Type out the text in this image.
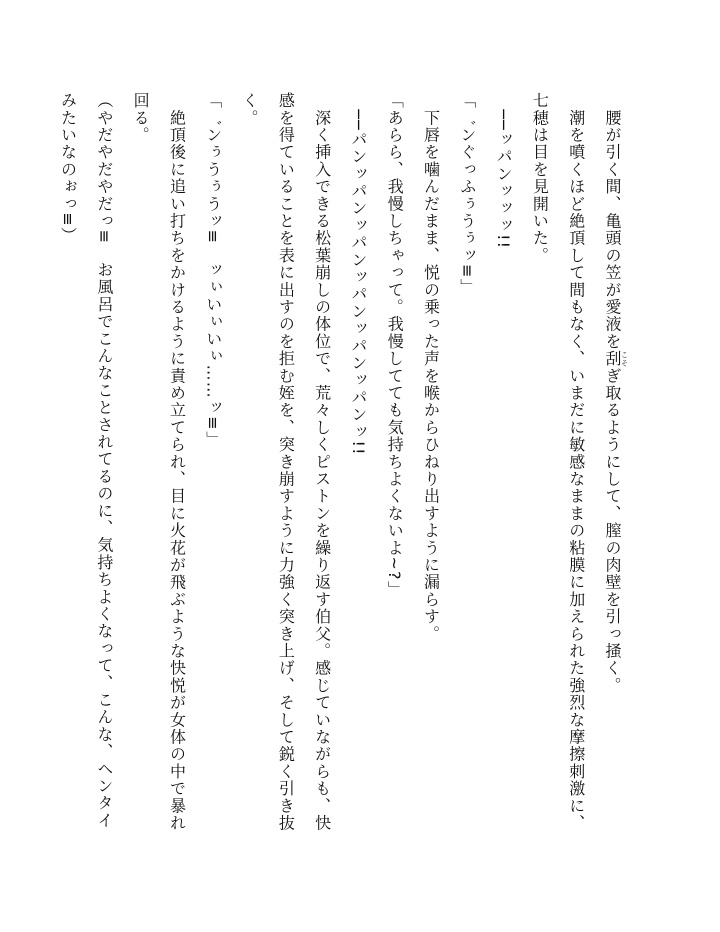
　腰が引く間、亀頭の笠が愛液を刮こそぎ取るようにして、膣の肉壁を引っ掻く。
　潮を噴くほど絶頂して間もなく、いまだに敏感なままの粘膜に加えられた強烈な摩擦刺激に、
七穂は目を見開いた。
　──ッパンッッッ!!
「゛ンぐっふぅうぅッ≡」
　下唇を噛んだまま、悦の乗った声を喉からひねり出すように漏らす。
「あらら、我慢しちゃって。我慢してても気持ちよくないよ~?」
　──パンッパンッパンッパンッパンッパンッ!!
　深く挿入できる松葉崩しの体位で、荒々しくピストンを繰り返す伯父。感じていながらも、快
感を得ていることを表に出すのを拒む姪を、突き崩すように力強く突き上げ、そして鋭く引き抜
く。
「゛ンぅうぅうッ≡　ッぃいぃいぃ……ッ≡」
　絶頂後に追い打ちをかけるように責め立てられ、目に火花が飛ぶような快悦が女体の中で暴れ
回る。
（やだやだやだっ≡　お風呂でこんなことされてるのに、気持ちよくなって、こんな、ヘンタイ
みたいなのぉっ≡）
